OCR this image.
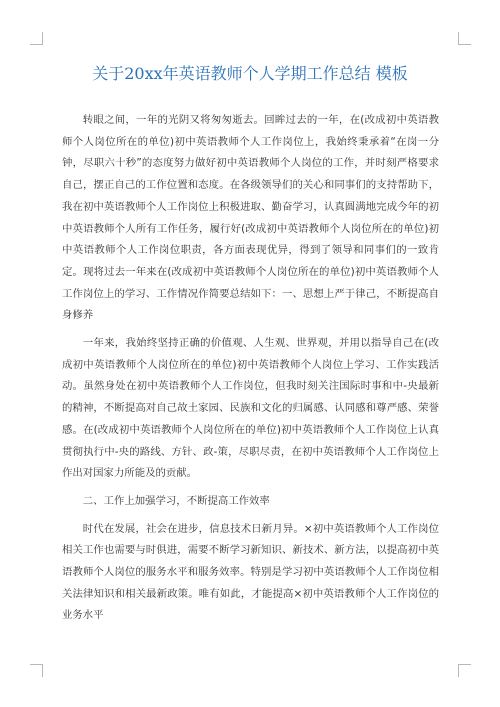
关于20xx年英语教师个人学期工作总结 模板

转眼之间，一年的光阴又将匆匆逝去。回眸过去的一年，在(改成初中英语教师个人岗位所在的单位)初中英语教师个人工作岗位上，我始终秉承着“在岗一分钟，尽职六十秒”的态度努力做好初中英语教师个人岗位的工作，并时刻严格要求自己，摆正自己的工作位置和态度。在各级领导们的关心和同事们的支持帮助下，我在初中英语教师个人工作岗位上积极进取、勤奋学习，认真圆满地完成今年的初中英语教师个人所有工作任务，履行好(改成初中英语教师个人岗位所在的单位)初中英语教师个人工作岗位职责，各方面表现优异，得到了领导和同事们的一致肯定。现将过去一年来在(改成初中英语教师个人岗位所在的单位)初中英语教师个人工作岗位上的学习、工作情况作简要总结如下：一、思想上严于律己，不断提高自身修养

一年来，我始终坚持正确的价值观、人生观、世界观，并用以指导自己在(改成初中英语教师个人岗位所在的单位)初中英语教师个人岗位上学习、工作实践活动。虽然身处在初中英语教师个人工作岗位，但我时刻关注国际时事和中-央最新的精神，不断提高对自己故土家园、民族和文化的归属感、认同感和尊严感、荣誉感。在(改成初中英语教师个人岗位所在的单位)初中英语教师个人工作岗位上认真贯彻执行中-央的路线、方针、政-策，尽职尽责，在初中英语教师个人工作岗位上作出对国家力所能及的贡献。

二、工作上加强学习，不断提高工作效率

时代在发展，社会在进步，信息技术日新月异。×初中英语教师个人工作岗位相关工作也需要与时俱进，需要不断学习新知识、新技术、新方法，以提高初中英语教师个人岗位的服务水平和服务效率。特别是学习初中英语教师个人工作岗位相关法律知识和相关最新政策。唯有如此，才能提高×初中英语教师个人工作岗位的业务水平
